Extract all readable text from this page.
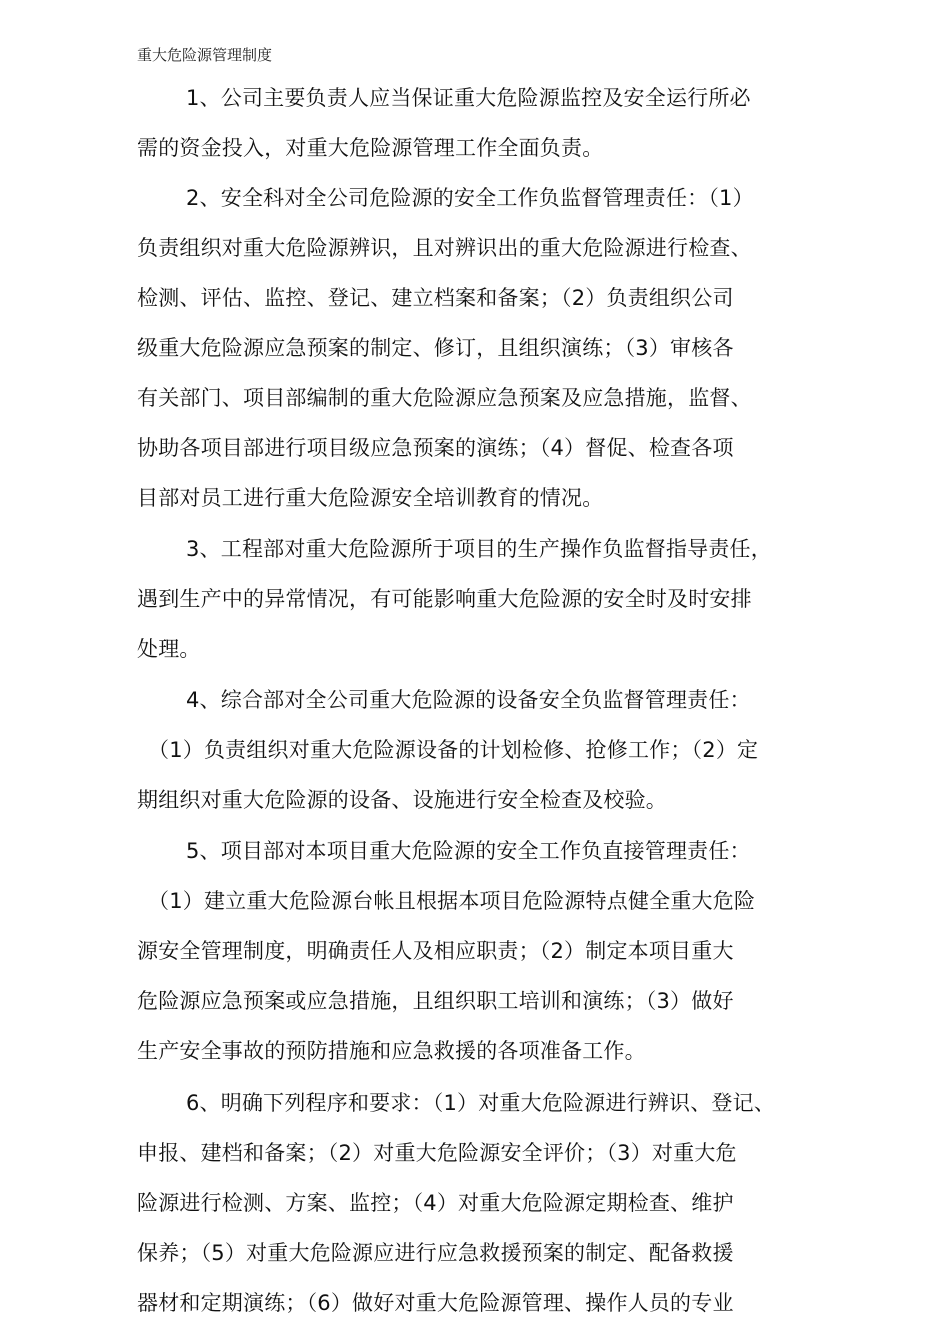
重大危险源管理制度
1、公司主要负责人应当保证重大危险源监控及安全运行所必
需的资金投入，对重大危险源管理工作全面负责。
2、安全科对全公司危险源的安全工作负监督管理责任：（1）
负责组织对重大危险源辨识，且对辨识出的重大危险源进行检查、
检测、评估、监控、登记、建立档案和备案；（2）负责组织公司
级重大危险源应急预案的制定、修订，且组织演练；（3）审核各
有关部门、项目部编制的重大危险源应急预案及应急措施，监督、
协助各项目部进行项目级应急预案的演练；（4）督促、检查各项
目部对员工进行重大危险源安全培训教育的情况。
3、工程部对重大危险源所于项目的生产操作负监督指导责任，
遇到生产中的异常情况，有可能影响重大危险源的安全时及时安排
处理。
4、综合部对全公司重大危险源的设备安全负监督管理责任：
（1）负责组织对重大危险源设备的计划检修、抢修工作；（2）定
期组织对重大危险源的设备、设施进行安全检查及校验。
5、项目部对本项目重大危险源的安全工作负直接管理责任：
（1）建立重大危险源台帐且根据本项目危险源特点健全重大危险
源安全管理制度，明确责任人及相应职责；（2）制定本项目重大
危险源应急预案或应急措施，且组织职工培训和演练；（3）做好
生产安全事故的预防措施和应急救援的各项准备工作。
6、明确下列程序和要求：（1）对重大危险源进行辨识、登记、
申报、建档和备案；（2）对重大危险源安全评价；（3）对重大危
险源进行检测、方案、监控；（4）对重大危险源定期检查、维护
保养；（5）对重大危险源应进行应急救援预案的制定、配备救援
器材和定期演练；（6）做好对重大危险源管理、操作人员的专业
